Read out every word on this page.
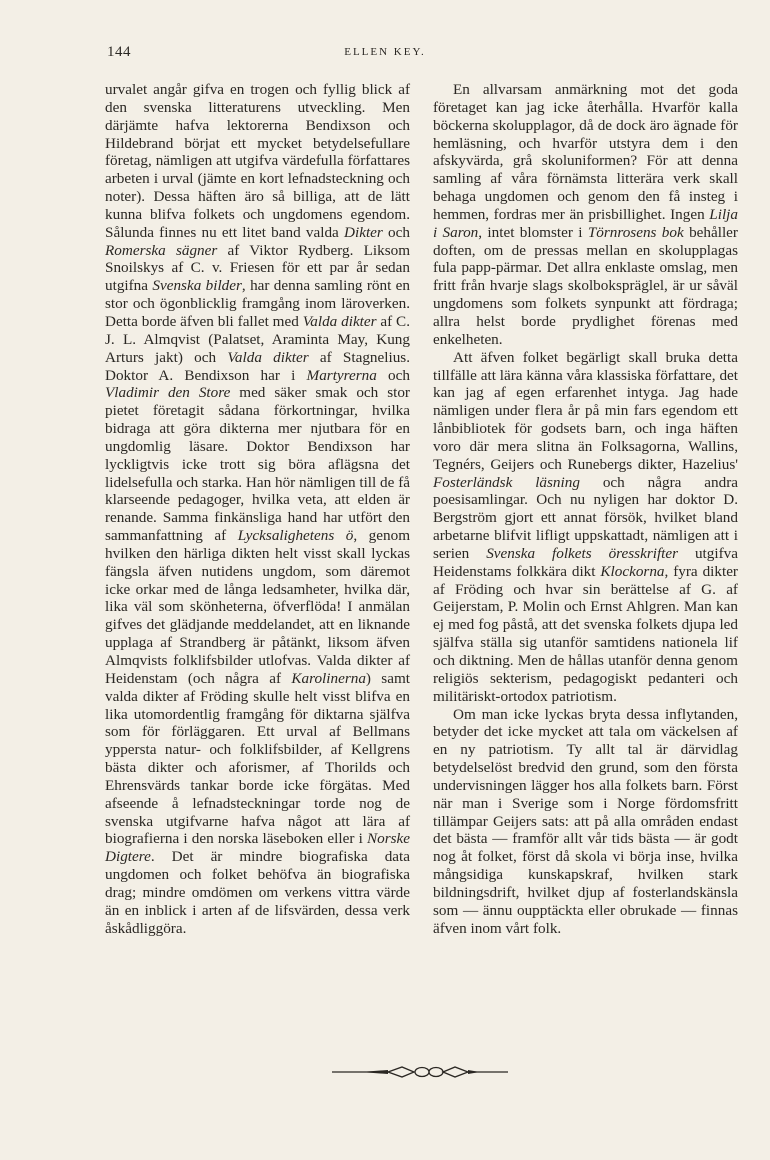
144	ELLEN KEY.

urvalet angår gifva en trogen och fyllig blick af den svenska litteraturens utveckling. Men därjämte hafva lektorerna Bendixson och Hildebrand börjat ett mycket betydelsefullare företag, nämligen att utgifva värdefulla författares arbeten i urval (jämte en kort lefnadsteckning och noter). Dessa häften äro så billiga, att de lätt kunna blifva folkets och ungdomens egendom. Sålunda finnes nu ett litet band valda Dikter och Romerska sägner af Viktor Rydberg. Liksom Snoilskys af C. v. Friesen för ett par år sedan utgifna Svenska bilder, har denna samling rönt en stor och ögonblicklig framgång inom läroverken. Detta borde äfven bli fallet med Valda dikter af C. J. L. Almqvist (Palatset, Araminta May, Kung Arturs jakt) och Valda dikter af Stagnelius. Doktor A. Bendixson har i Martyrerna och Vladimir den Store med säker smak och stor pietet företagit sådana förkortningar, hvilka bidraga att göra dikterna mer njutbara för en ungdomlig läsare. Doktor Bendixson har lyckligtvis icke trott sig böra aflägsna det lidelsefulla och starka. Han hör nämligen till de få klarseende pedagoger, hvilka veta, att elden är renande. Samma finkänsliga hand har utfört den sammanfattning af Lycksalighetens ö, genom hvilken den härliga dikten helt visst skall lyckas fängsla äfven nutidens ungdom, som däremot icke orkar med de långa ledsamheter, hvilka där, lika väl som skönheterna, öfverflöda! I anmälan gifves det glädjande meddelandet, att en liknande upplaga af Strandberg är påtänkt, liksom äfven Almqvists folklifsbilder utlofvas. Valda dikter af Heidenstam (och några af Karolinerna) samt valda dikter af Fröding skulle helt visst blifva en lika utomordentlig framgång för diktarna själfva som för förläggaren. Ett urval af Bellmans yppersta natur- och folklifsbilder, af Kellgrens bästa dikter och aforismer, af Thorilds och Ehrensvärds tankar borde icke förgätas. Med afseende å lefnadsteckningar torde nog de svenska utgifvarne hafva något att lära af biografierna i den norska läseboken eller i Norske Digtere. Det är mindre biografiska data ungdomen och folket behöfva än biografiska drag; mindre omdömen om verkens vittra värde än en inblick i arten af de lifsvärden, dessa verk åskådliggöra.

En allvarsam anmärkning mot det goda företaget kan jag icke återhålla. Hvarför kalla böckerna skolupplagor, då de dock äro ägnade för hemläsning, och hvarför utstyra dem i den afskyvärda, grå skoluniformen? För att denna samling af våra förnämsta litterära verk skall behaga ungdomen och genom den få insteg i hemmen, fordras mer än prisbillighet. Ingen Lilja i Saron, intet blomster i Törnrosens bok behåller doften, om de pressas mellan en skolupplagas fula papp-pärmar. Det allra enklaste omslag, men fritt från hvarje slags skolbokspräglel, är ur såväl ungdomens som folkets synpunkt att fördraga; allra helst borde prydlighet förenas med enkelheten.

Att äfven folket begärligt skall bruka detta tillfälle att lära känna våra klassiska författare, det kan jag af egen erfarenhet intyga. Jag hade nämligen under flera år på min fars egendom ett lånbibliotek för godsets barn, och inga häften voro där mera slitna än Folksagorna, Wallins, Tegnérs, Geijers och Runebergs dikter, Hazelius' Fosterländsk läsning och några andra poesisamlingar. Och nu nyligen har doktor D. Bergström gjort ett annat försök, hvilket bland arbetarne blifvit lifligt uppskattadt, nämligen att i serien Svenska folkets öresskrifter utgifva Heidenstams folkkära dikt Klockorna, fyra dikter af Fröding och hvar sin berättelse af G. af Geijerstam, P. Molin och Ernst Ahlgren. Man kan ej med fog påstå, att det svenska folkets djupa led själfva ställa sig utanför samtidens nationela lif och diktning. Men de hållas utanför denna genom religiös sekterism, pedagogiskt pedanteri och militäriskt-ortodox patriotism.

Om man icke lyckas bryta dessa inflytanden, betyder det icke mycket att tala om väckelsen af en ny patriotism. Ty allt tal är därvidlag betydelselöst bredvid den grund, som den första undervisningen lägger hos alla folkets barn. Först när man i Sverige som i Norge fördomsfritt tillämpar Geijers sats: att på alla områden endast det bästa — framför allt vår tids bästa — är godt nog åt folket, först då skola vi börja inse, hvilka mångsidiga kunskapskraf, hvilken stark bildningsdrift, hvilket djup af fosterlandskänsla som — ännu oupptäckta eller obrukade — finnas äfven inom vårt folk.
